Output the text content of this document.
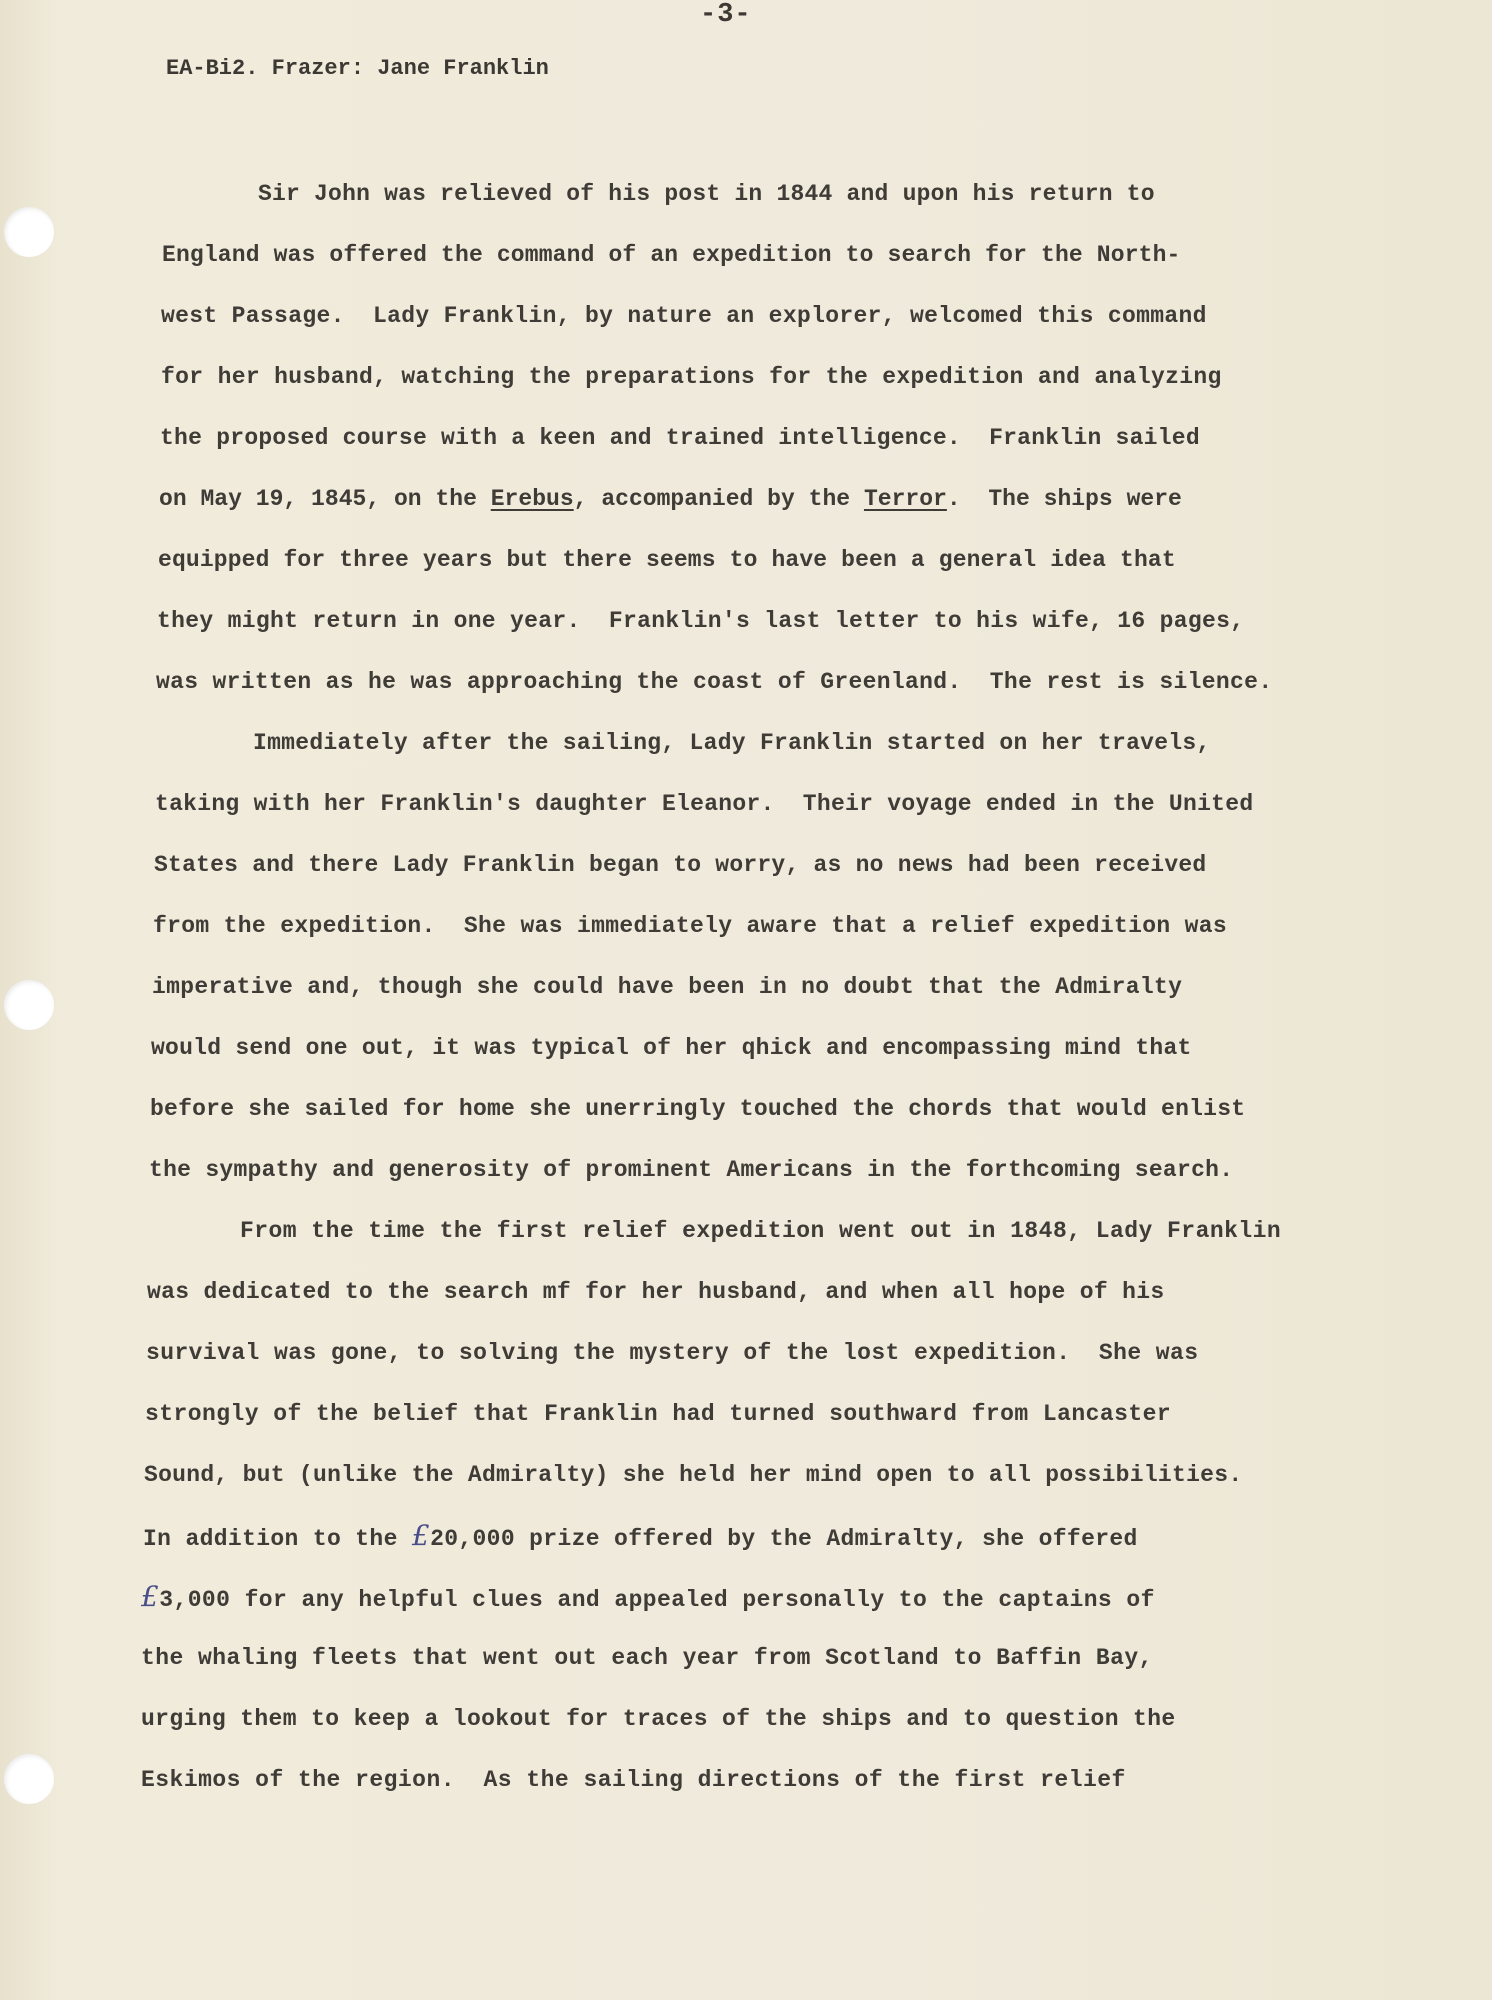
-3-
EA-Bi2. Frazer: Jane Franklin
Sir John was relieved of his post in 1844 and upon his return to
England was offered the command of an expedition to search for the North-
west Passage.  Lady Franklin, by nature an explorer, welcomed this command
for her husband, watching the preparations for the expedition and analyzing
the proposed course with a keen and trained intelligence.  Franklin sailed
on May 19, 1845, on the Erebus, accompanied by the Terror.  The ships were
equipped for three years but there seems to have been a general idea that
they might return in one year.  Franklin's last letter to his wife, 16 pages,
was written as he was approaching the coast of Greenland.  The rest is silence.
Immediately after the sailing, Lady Franklin started on her travels,
taking with her Franklin's daughter Eleanor.  Their voyage ended in the United
States and there Lady Franklin began to worry, as no news had been received
from the expedition.  She was immediately aware that a relief expedition was
imperative and, though she could have been in no doubt that the Admiralty
would send one out, it was typical of her qhick and encompassing mind that
before she sailed for home she unerringly touched the chords that would enlist
the sympathy and generosity of prominent Americans in the forthcoming search.
From the time the first relief expedition went out in 1848, Lady Franklin
was dedicated to the search mf for her husband, and when all hope of his
survival was gone, to solving the mystery of the lost expedition.  She was
strongly of the belief that Franklin had turned southward from Lancaster
Sound, but (unlike the Admiralty) she held her mind open to all possibilities.
In addition to the £20,000 prize offered by the Admiralty, she offered
£3,000 for any helpful clues and appealed personally to the captains of
the whaling fleets that went out each year from Scotland to Baffin Bay,
urging them to keep a lookout for traces of the ships and to question the
Eskimos of the region.  As the sailing directions of the first relief
